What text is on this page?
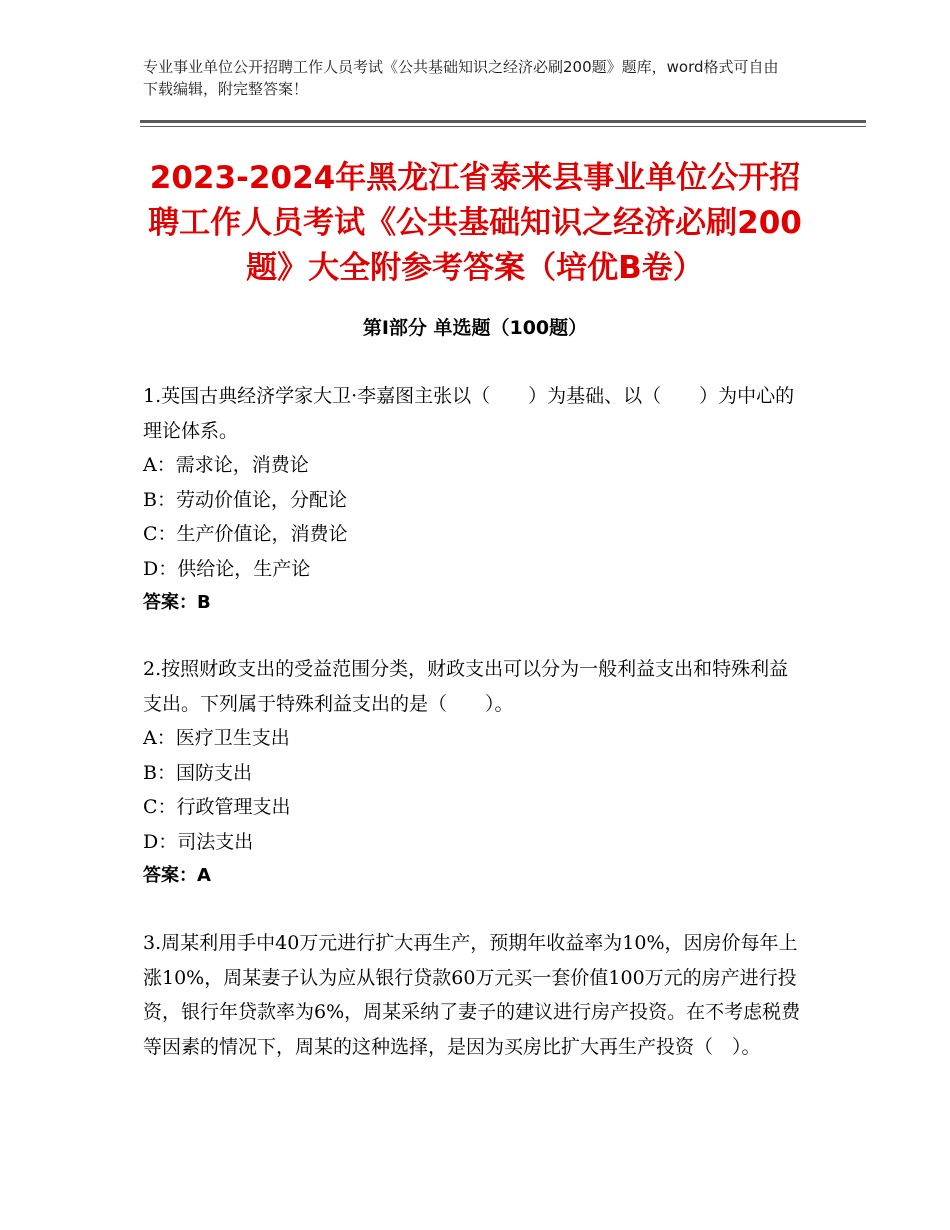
专业事业单位公开招聘工作人员考试《公共基础知识之经济必刷200题》题库，word格式可自由下载编辑，附完整答案！
2023-2024年黑龙江省泰来县事业单位公开招聘工作人员考试《公共基础知识之经济必刷200题》大全附参考答案（培优B卷）
第Ⅰ部分 单选题（100题）

1.英国古典经济学家大卫·李嘉图主张以（　　）为基础、以（　　）为中心的理论体系。

A：需求论，消费论

B：劳动价值论，分配论

C：生产价值论，消费论

D：供给论，生产论

答案：B

2.按照财政支出的受益范围分类，财政支出可以分为一般利益支出和特殊利益支出。下列属于特殊利益支出的是（　　）。

A：医疗卫生支出

B：国防支出

C：行政管理支出

D：司法支出

答案：A

3.周某利用手中40万元进行扩大再生产，预期年收益率为10%，因房价每年上涨10%，周某妻子认为应从银行贷款60万元买一套价值100万元的房产进行投资，银行年贷款率为6%，周某采纳了妻子的建议进行房产投资。在不考虑税费等因素的情况下，周某的这种选择，是因为买房比扩大再生产投资（　）。
